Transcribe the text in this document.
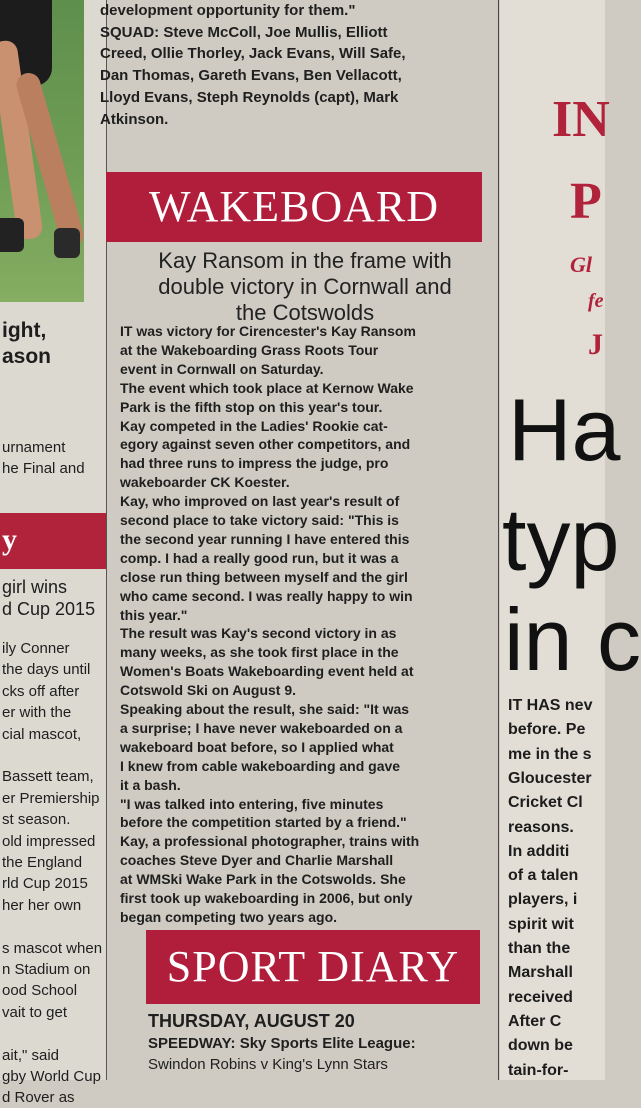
ight,
ason
urnament
he Final and
y
girl wins
d Cup 2015
ily Conner
the days until
cks off after
er with the
cial mascot,
Bassett team,
er Premiership
st season.
old impressed
the England
rld Cup 2015
her her own
s mascot when
n Stadium on
ood School
vait to get
ait," said
gby World Cup
d Rover as
development opportunity for them."
SQUAD: Steve McColl, Joe Mullis, Elliott
Creed, Ollie Thorley, Jack Evans, Will Safe,
Dan Thomas, Gareth Evans, Ben Vellacott,
Lloyd Evans, Steph Reynolds (capt), Mark
Atkinson.
WAKEBOARD
Kay Ransom in the frame with
double victory in Cornwall and
the Cotswolds
IT was victory for Cirencester's Kay Ransom
at the Wakeboarding Grass Roots Tour
event in Cornwall on Saturday.
The event which took place at Kernow Wake
Park is the fifth stop on this year's tour.
Kay competed in the Ladies' Rookie cat-
egory against seven other competitors, and
had three runs to impress the judge, pro
wakeboarder CK Koester.
Kay, who improved on last year's result of
second place to take victory said: "This is
the second year running I have entered this
comp. I had a really good run, but it was a
close run thing between myself and the girl
who came second. I was really happy to win
this year."
The result was Kay's second victory in as
many weeks, as she took first place in the
Women's Boats Wakeboarding event held at
Cotswold Ski on August 9.
Speaking about the result, she said: "It was
a surprise; I have never wakeboarded on a
wakeboard boat before, so I applied what
I knew from cable wakeboarding and gave
it a bash.
"I was talked into entering, five minutes
before the competition started by a friend."
Kay, a professional photographer, trains with
coaches Steve Dyer and Charlie Marshall
at WMSki Wake Park in the Cotswolds. She
first took up wakeboarding in 2006, but only
began competing two years ago.
SPORT DIARY
THURSDAY, AUGUST 20
SPEEDWAY: Sky Sports Elite League:
Swindon Robins v King's Lynn Stars
IN
P
Gl
fe
J
Ha
typ
in c
IT HAS nev
before. Pe
me in the s
Gloucester
Cricket Cl
reasons.
In additi
of a talen
players, i
spirit wit
than the
Marshall
received
After C
down be
tain-for-
